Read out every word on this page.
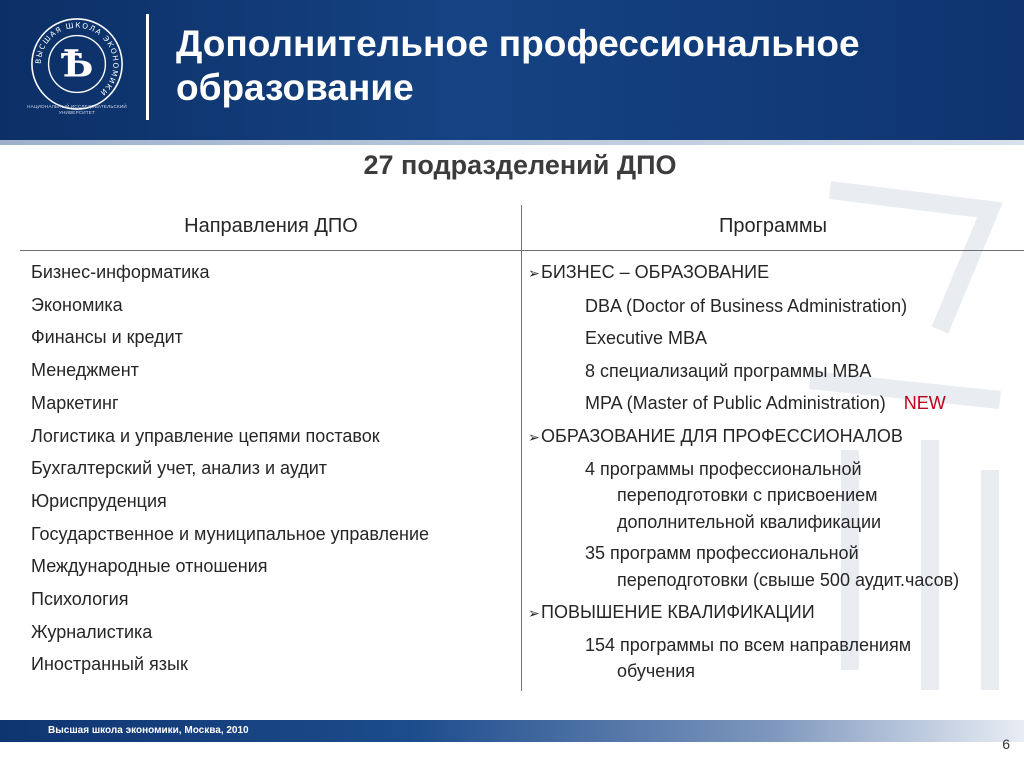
ВЫСШАЯ ШКОЛА ЭКОНОМИКИ
Ѣ
НАЦИОНАЛЬНЫЙ ИССЛЕДОВАТЕЛЬСКИЙ УНИВЕРСИТЕТ
Дополнительное профессиональное
образование
27 подразделений ДПО
Направления ДПО	Программы
Бизнес-информатика
Экономика
Финансы и кредит
Менеджмент
Маркетинг
Логистика и управление цепями поставок
Бухгалтерский учет, анализ и аудит
Юриспруденция
Государственное и муниципальное управление
Международные отношения
Психология
Журналистика
Иностранный язык
➢БИЗНЕС – ОБРАЗОВАНИЕ
DBA (Doctor of Business Administration)
Executive MBA
8 специализаций программы MBA
MPA (Master of Public Administration) NEW
➢ОБРАЗОВАНИЕ ДЛЯ ПРОФЕССИОНАЛОВ
4 программы профессиональной
переподготовки с присвоением
дополнительной квалификации
35 программ профессиональной
переподготовки (свыше 500 аудит.часов)
➢ПОВЫШЕНИЕ КВАЛИФИКАЦИИ
154 программы по всем направлениям
обучения
Высшая школа экономики, Москва, 2010
6
